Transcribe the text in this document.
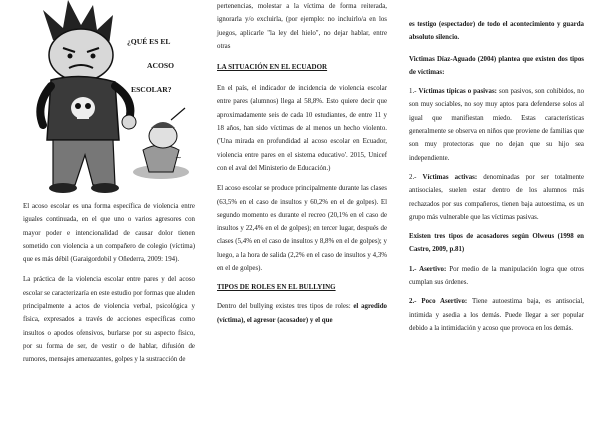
~
¿QUÉ ES EL
ACOSO
ESCOLAR?

El acoso escolar es una forma específica de violencia entre iguales continuada, en el que uno o varios agresores con mayor poder e intencionalidad de causar dolor tienen sometido con violencia a un compañero de colegio (víctima) que es más débil (Garaigordobil y Oñederra, 2009: 194).

La práctica de la violencia escolar entre pares y del acoso escolar se caracterizaría en este estudio por formas que aluden principalmente a actos de violencia verbal, psicológica y física, expresados a través de acciones específicas como insultos o apodos ofensivos, burlarse por su aspecto físico, por su forma de ser, de vestir o de hablar, difusión de rumores, mensajes amenazantes, golpes y la sustracción de

pertenencias, molestar a la víctima de forma reiterada, ignorarla y/o excluirla, (por ejemplo: no incluirlo/a en los juegos, aplicarle "la ley del hielo", no dejar hablar, entre otras

LA SITUACIÓN EN EL ECUADOR

En el país, el indicador de incidencia de violencia escolar entre pares (alumnos) llega al 58,8%. Esto quiere decir que aproximadamente seis de cada 10 estudiantes, de entre 11 y 18 años, han sido víctimas de al menos un hecho violento. ('Una mirada en profundidad al acoso escolar en Ecuador, violencia entre pares en el sistema educativo'. 2015, Unicef con el aval del Ministerio de Educación.)

El acoso escolar se produce principalmente durante las clases (63,5% en el caso de insultos y 60,2% en el de golpes). El segundo momento es durante el recreo (20,1% en el caso de insultos y 22,4% en el de golpes); en tercer lugar, después de clases (5,4% en el caso de insultos y 8,8% en el de golpes); y luego, a la hora de salida (2,2% en el caso de insultos y 4,3% en el de golpes).

TIPOS DE ROLES EN EL BULLYING

Dentro del bullying existes tres tipos de roles: el agredido (víctima), el agresor (acosador) y el que

es testigo (espectador) de todo el acontecimiento y guarda absoluto silencio.

Victimas Díaz-Aguado (2004) plantea que existen dos tipos de víctimas:

1.- Víctimas típicas o pasivas: son pasivos, son cohibidos, no son muy sociables, no soy muy aptos para defenderse solos al igual que manifiestan miedo. Estas características generalmente se observa en niños que proviene de familias que son muy protectoras que no dejan que su hijo sea independiente.

2.- Víctimas activas: denominadas por ser totalmente antisociales, suelen estar dentro de los alumnos más rechazados por sus compañeros, tienen baja autoestima, es un grupo más vulnerable que las víctimas pasivas.

Existen tres tipos de acosadores según Olweus (1998 en Castro, 2009, p.81)

1.- Asertivo: Por medio de la manipulación logra que otros cumplan sus órdenes.

2.- Poco Asertivo: Tiene autoestima baja, es antisocial, intimida y asedia a los demás. Puede llegar a ser popular debido a la intimidación y acoso que provoca en los demás.
